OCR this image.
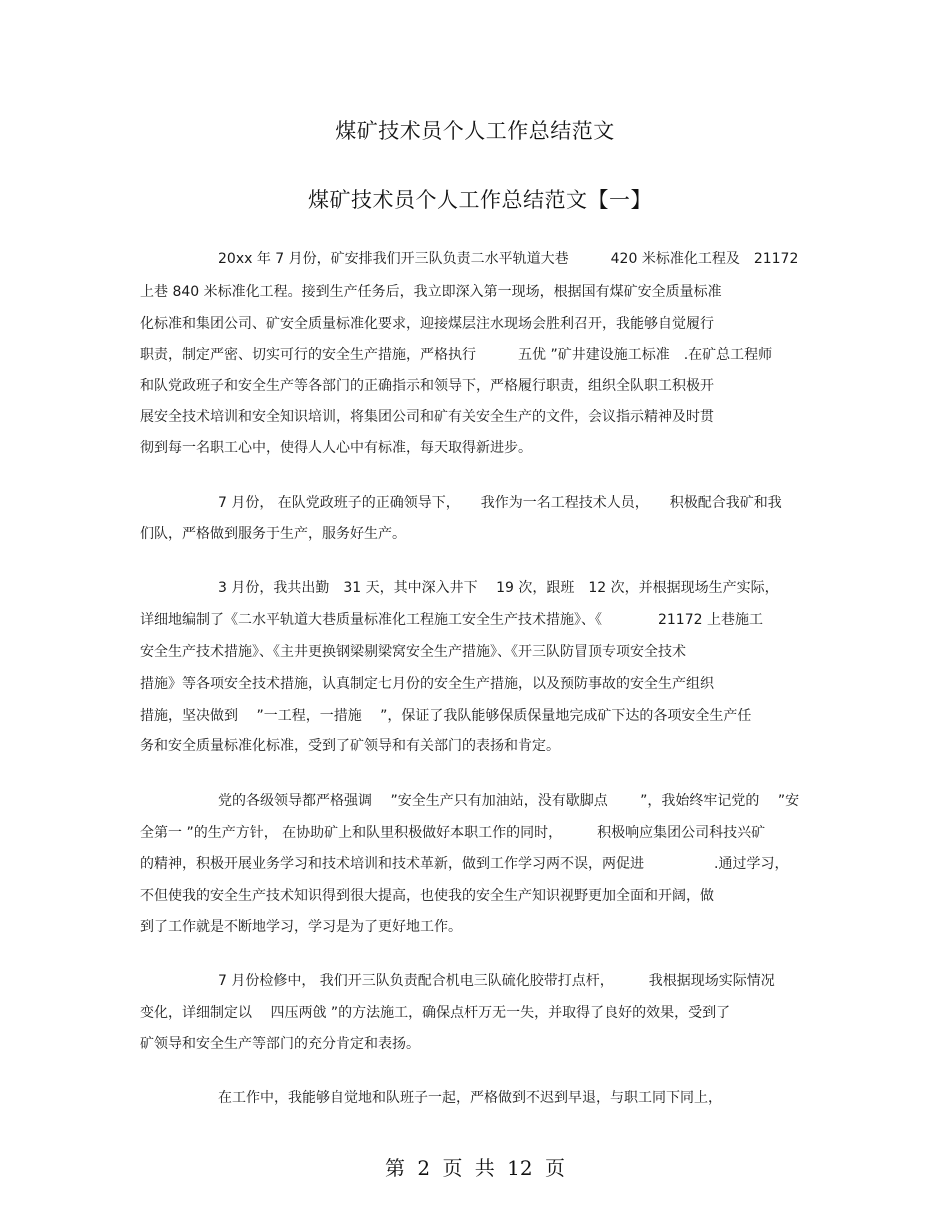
煤矿技术员个人工作总结范文
煤矿技术员个人工作总结范文【一】
20xx 年 7 月份，矿安排我们开三队负责二水平轨道大巷　　　420 米标准化工程及　21172
上巷 840 米标准化工程。接到生产任务后，我立即深入第一现场，根据国有煤矿安全质量标准
化标准和集团公司、矿安全质量标准化要求，迎接煤层注水现场会胜利召开，我能够自觉履行
职责，制定严密、切实可行的安全生产措施，严格执行　　　五优 ”矿井建设施工标准　.在矿总工程师
和队党政班子和安全生产等各部门的正确指示和领导下，严格履行职责，组织全队职工积极开
展安全技术培训和安全知识培训，将集团公司和矿有关安全生产的文件，会议指示精神及时贯
彻到每一名职工心中，使得人人心中有标准，每天取得新进步。
7 月份， 在队党政班子的正确领导下，　　我作为一名工程技术人员，　　积极配合我矿和我
们队，严格做到服务于生产，服务好生产。
3 月份，我共出勤　31 天，其中深入井下　 19 次，跟班　12 次，并根据现场生产实际，
详细地编制了《二水平轨道大巷质量标准化工程施工安全生产技术措施》、《　　　　21172 上巷施工
安全生产技术措施》、《主井更换钢梁剔梁窝安全生产措施》、《开三队防冒顶专项安全技术
措施》等各项安全技术措施，认真制定七月份的安全生产措施，以及预防事故的安全生产组织
措施，坚决做到　 ”一工程，一措施　 ”，保证了我队能够保质保量地完成矿下达的各项安全生产任
务和安全质量标准化标准，受到了矿领导和有关部门的表扬和肯定。
党的各级领导都严格强调　 ”安全生产只有加油站，没有歇脚点　　 ”，我始终牢记党的　 ”安
全第一 ”的生产方针， 在协助矿上和队里积极做好本职工作的同时，　　　积极响应集团公司科技兴矿
的精神，积极开展业务学习和技术培训和技术革新，做到工作学习两不误，两促进　　　　　.通过学习，
不但使我的安全生产技术知识得到很大提高，也使我的安全生产知识视野更加全面和开阔，做
到了工作就是不断地学习，学习是为了更好地工作。
7 月份检修中， 我们开三队负责配合机电三队硫化胶带打点杆，　　　我根据现场实际情况
变化，详细制定以　 四压两戗 ”的方法施工，确保点杆万无一失，并取得了良好的效果，受到了
矿领导和安全生产等部门的充分肯定和表扬。
在工作中，我能够自觉地和队班子一起，严格做到不迟到早退，与职工同下同上，
第 2 页 共 12 页
